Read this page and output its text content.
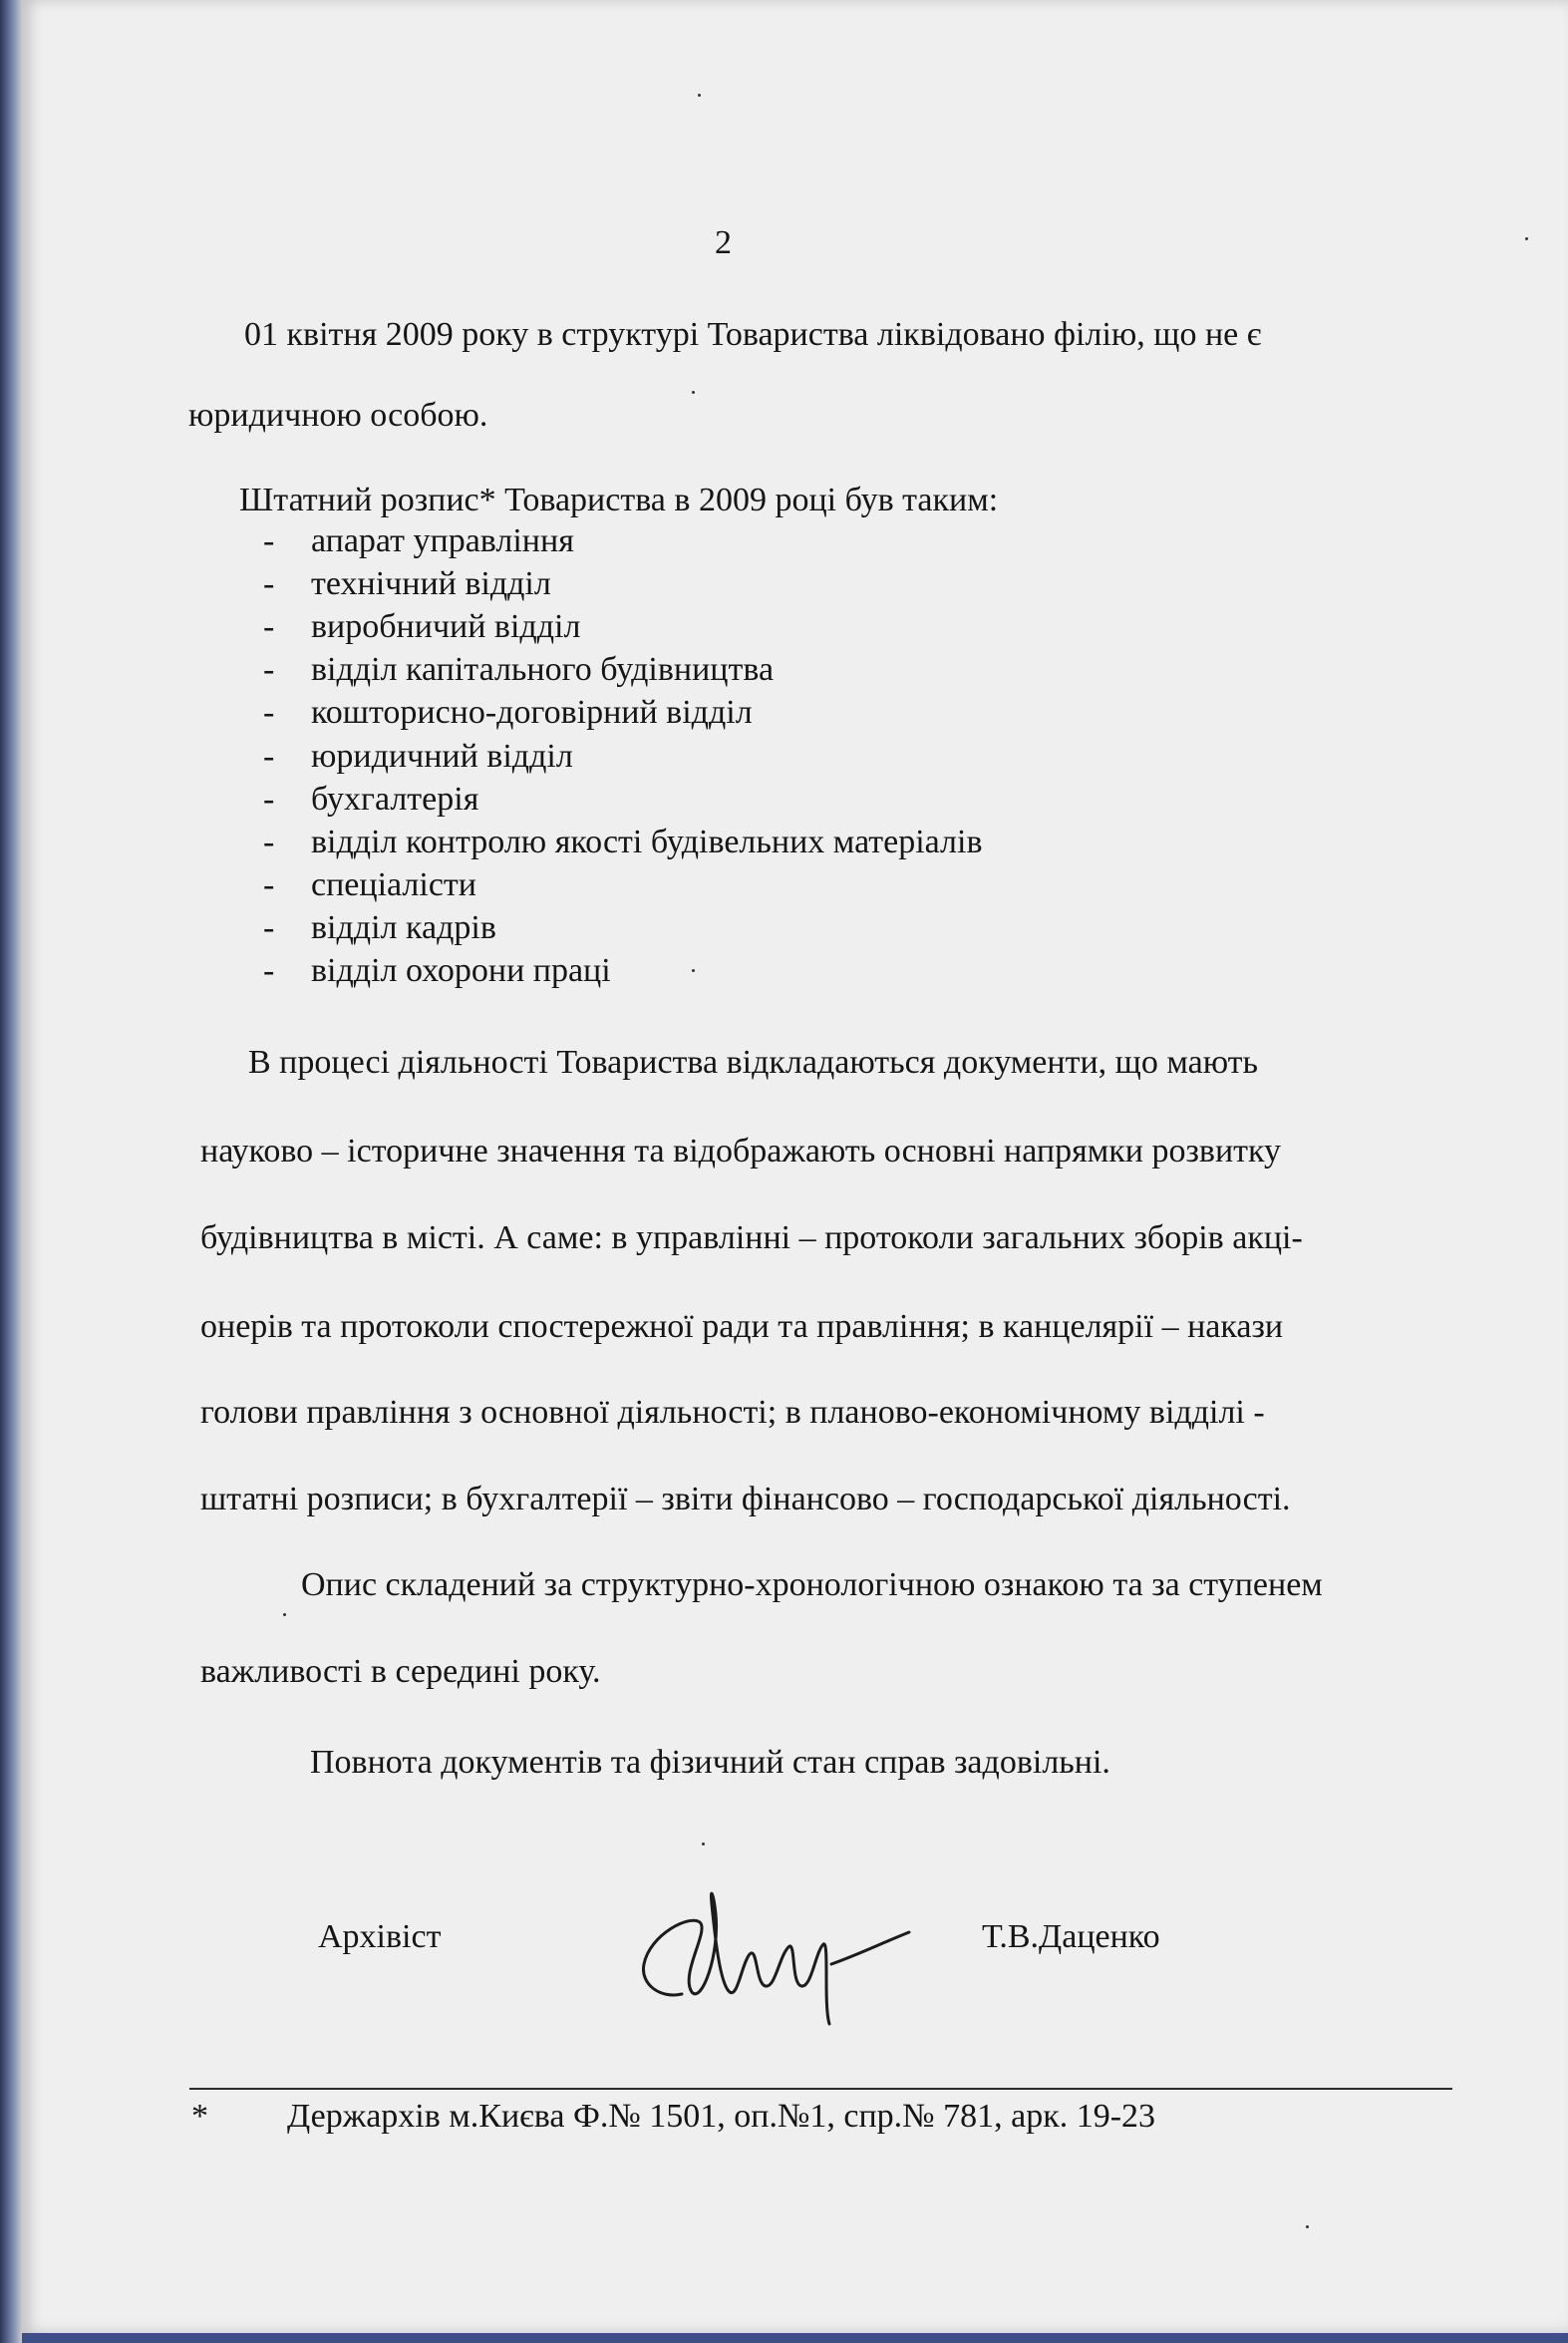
2
01 квітня 2009 року в структурі Товариства ліквідовано філію, що не є
юридичною особою.
Штатний розпис* Товариства в 2009 році був таким:
-	апарат управління
-	технічний відділ
-	виробничий відділ
-	відділ капітального будівництва
-	кошторисно-договірний відділ
-	юридичний відділ
-	бухгалтерія
-	відділ контролю якості будівельних матеріалів
-	спеціалісти
-	відділ кадрів
-	відділ охорони праці
В процесі діяльності Товариства відкладаються документи, що мають
науково – історичне значення та відображають основні напрямки розвитку
будівництва в місті. А саме: в управлінні – протоколи загальних зборів акці-
онерів та протоколи спостережної ради та правління; в канцелярії – накази
голови правління з основної діяльності; в планово-економічному відділі -
штатні розписи; в бухгалтерії – звіти фінансово – господарської діяльності.
Опис складений за структурно-хронологічною ознакою та за ступенем
важливості в середині року.
Повнота документів та фізичний стан справ задовільні.
Архівіст	Т.В.Даценко
* Держархів м.Києва Ф.№ 1501, оп.№1, спр.№ 781, арк. 19-23
